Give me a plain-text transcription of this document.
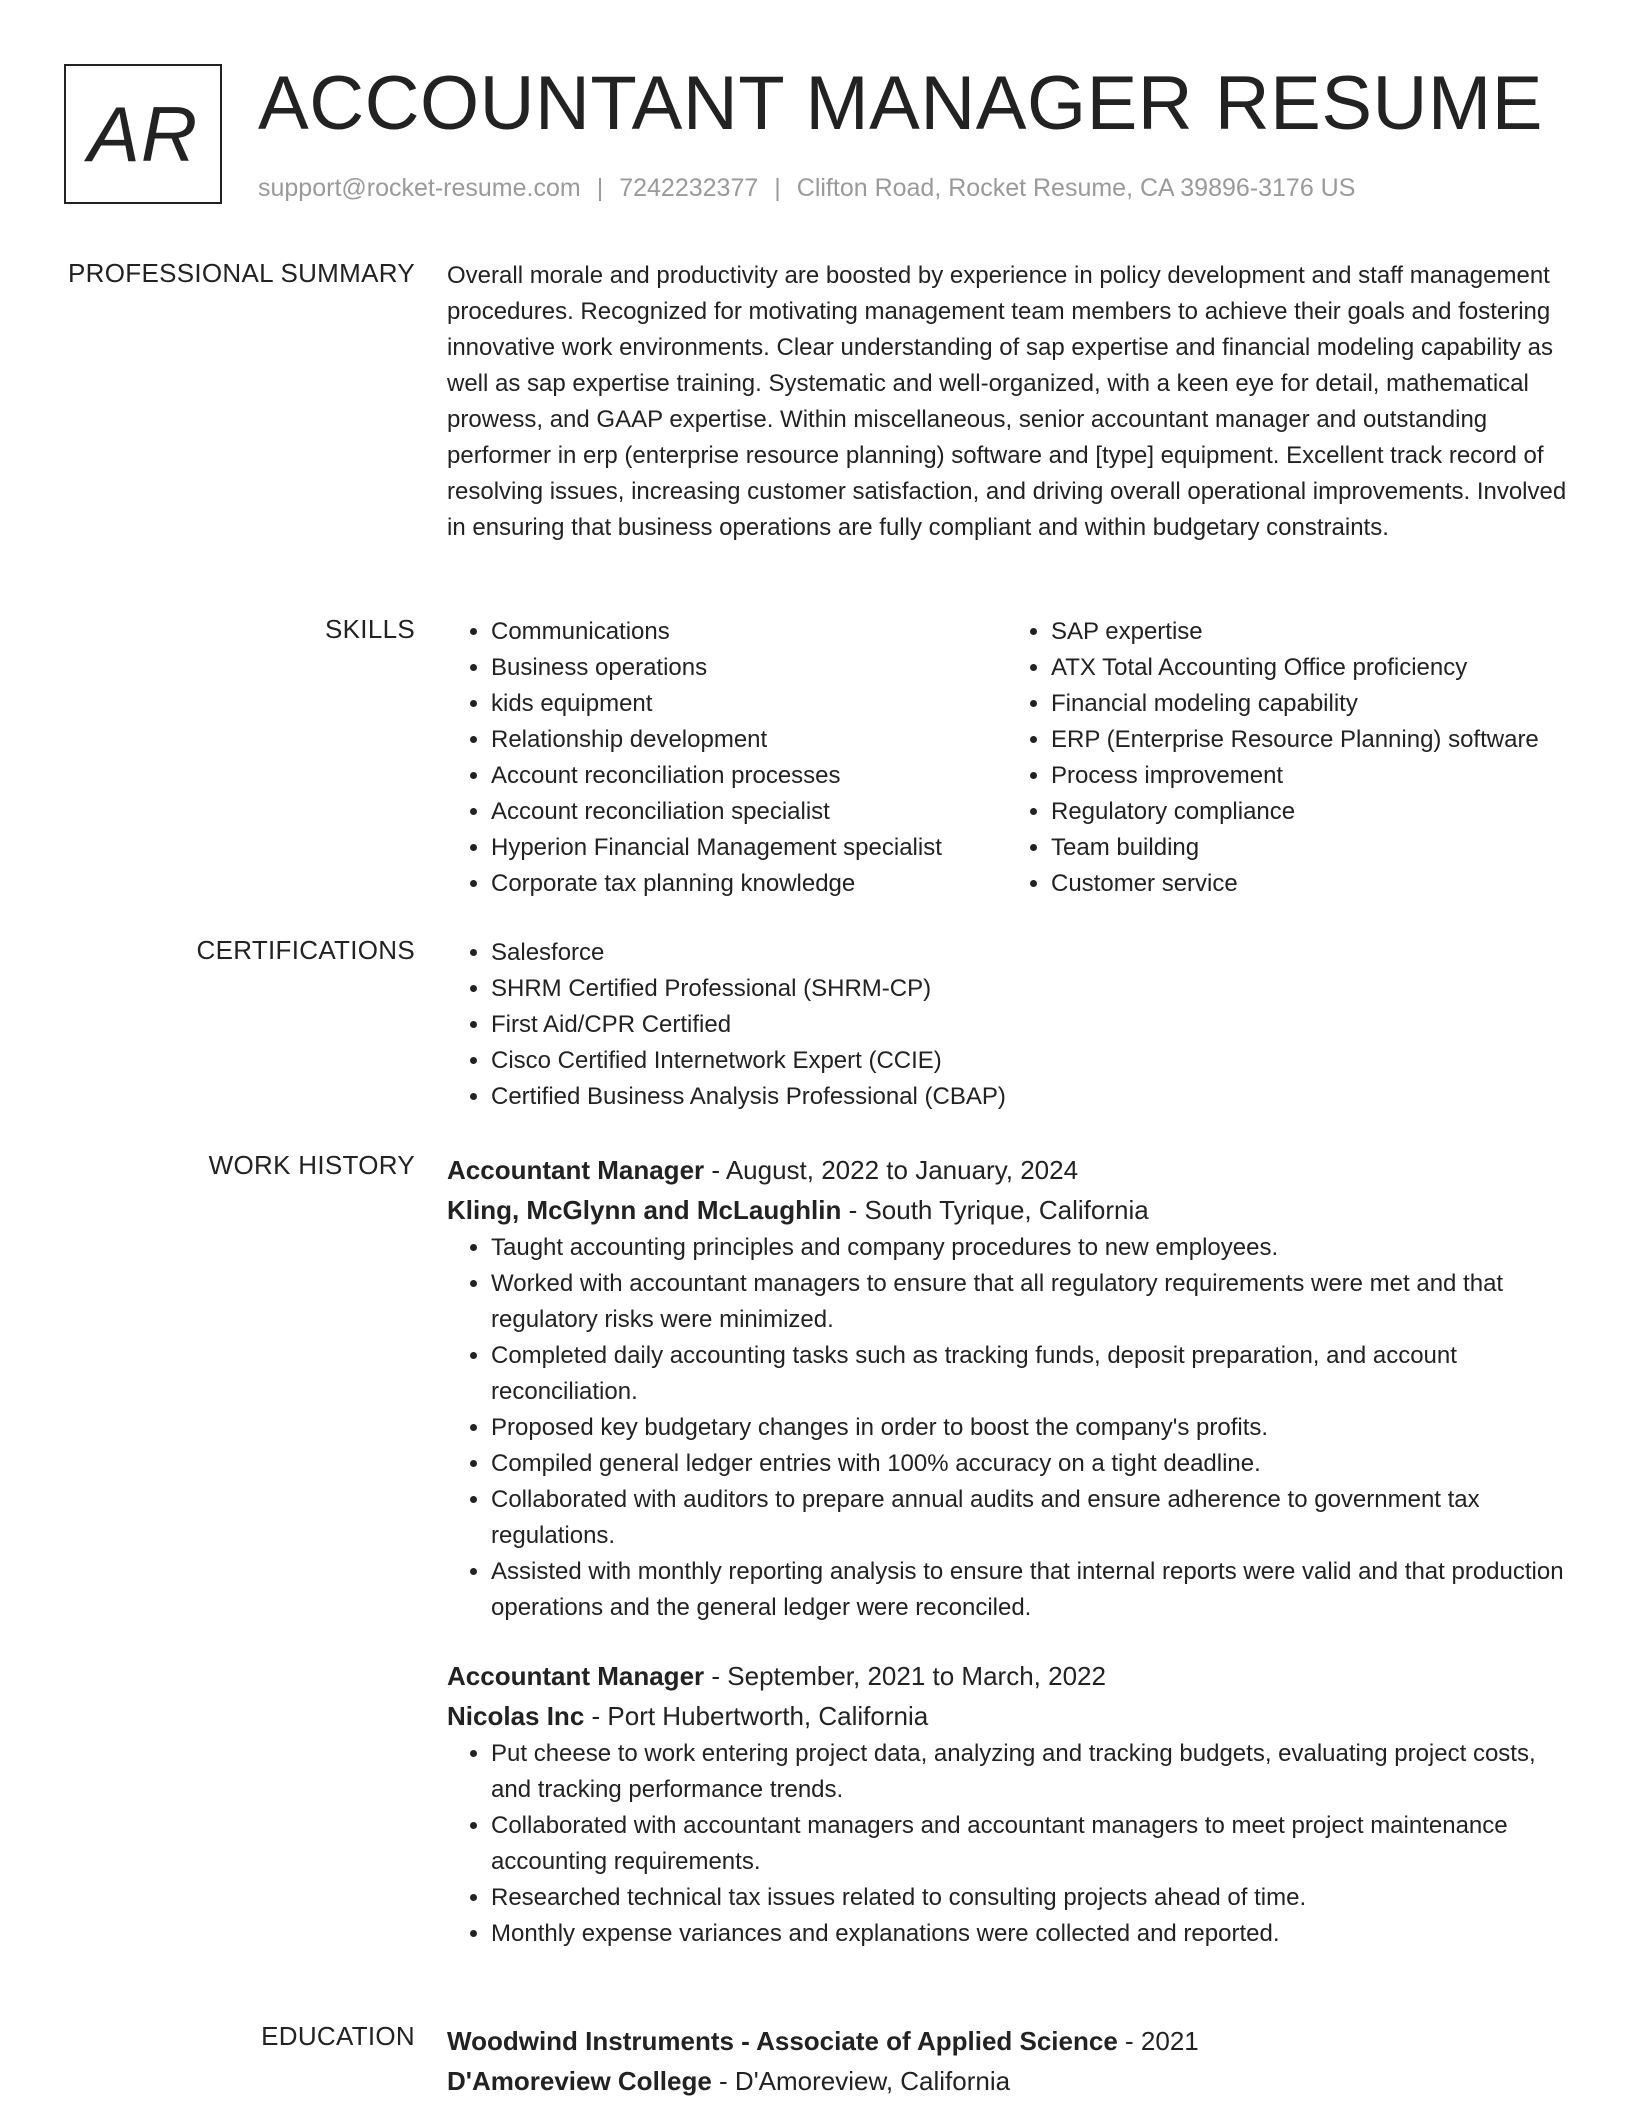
AR ACCOUNTANT MANAGER RESUME
support@rocket-resume.com | 7242232377 | Clifton Road, Rocket Resume, CA 39896-3176 US
PROFESSIONAL SUMMARY Overall morale and productivity are boosted by experience in policy development and staff management procedures. Recognized for motivating management team members to achieve their goals and fostering innovative work environments. Clear understanding of sap expertise and financial modeling capability as well as sap expertise training. Systematic and well-organized, with a keen eye for detail, mathematical prowess, and GAAP expertise. Within miscellaneous, senior accountant manager and outstanding performer in erp (enterprise resource planning) software and [type] equipment. Excellent track record of resolving issues, increasing customer satisfaction, and driving overall operational improvements. Involved in ensuring that business operations are fully compliant and within budgetary constraints.

SKILLS	• Communications
• Business operations
• kids equipment
• Relationship development
• Account reconciliation processes
• Account reconciliation specialist
• Hyperion Financial Management specialist
• Corporate tax planning knowledge
• SAP expertise
• ATX Total Accounting Office proficiency
• Financial modeling capability
• ERP (Enterprise Resource Planning) software
• Process improvement
• Regulatory compliance
• Team building
• Customer service
CERTIFICATIONS	• Salesforce
• SHRM Certified Professional (SHRM-CP)
• First Aid/CPR Certified
• Cisco Certified Internetwork Expert (CCIE)
• Certified Business Analysis Professional (CBAP)
WORK HISTORY Accountant Manager - August, 2022 to January, 2024
Kling, McGlynn and McLaughlin - South Tyrique, California
• Taught accounting principles and company procedures to new employees.
• Worked with accountant managers to ensure that all regulatory requirements were met and that regulatory risks were minimized.
• Completed daily accounting tasks such as tracking funds, deposit preparation, and account reconciliation.
• Proposed key budgetary changes in order to boost the company's profits.
• Compiled general ledger entries with 100% accuracy on a tight deadline.
• Collaborated with auditors to prepare annual audits and ensure adherence to government tax regulations.
• Assisted with monthly reporting analysis to ensure that internal reports were valid and that production operations and the general ledger were reconciled.
Accountant Manager - September, 2021 to March, 2022
Nicolas Inc - Port Hubertworth, California
• Put cheese to work entering project data, analyzing and tracking budgets, evaluating project costs, and tracking performance trends.
• Collaborated with accountant managers and accountant managers to meet project maintenance accounting requirements.
• Researched technical tax issues related to consulting projects ahead of time.
• Monthly expense variances and explanations were collected and reported.
EDUCATION Woodwind Instruments - Associate of Applied Science - 2021
D'Amoreview College - D'Amoreview, California
